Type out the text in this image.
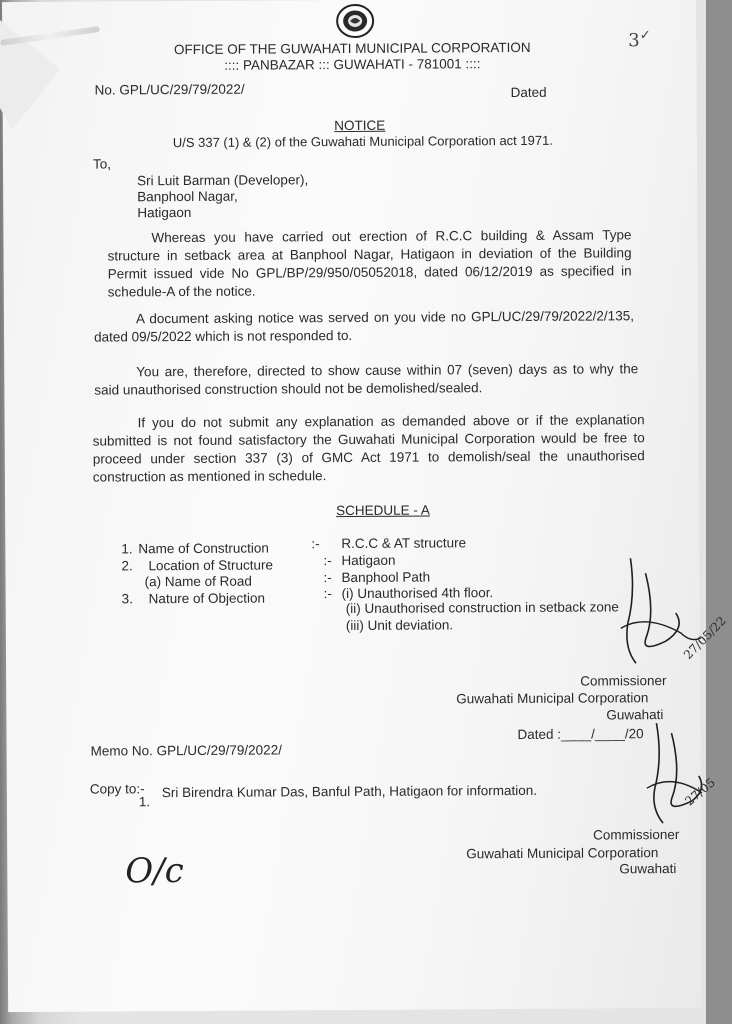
3✓
OFFICE OF THE GUWAHATI MUNICIPAL CORPORATION
:::: PANBAZAR ::: GUWAHATI - 781001 ::::
No. GPL/UC/29/79/2022/	Dated
NOTICE
U/S 337 (1) & (2) of the Guwahati Municipal Corporation act 1971.
To,
Sri Luit Barman (Developer),
Banphool Nagar,
Hatigaon
Whereas you have carried out erection of R.C.C building & Assam Type structure in setback area at Banphool Nagar, Hatigaon in deviation of the Building Permit issued vide No GPL/BP/29/950/05052018, dated 06/12/2019 as specified in schedule-A of the notice.
A document asking notice was served on you vide no GPL/UC/29/79/2022/2/135, dated 09/5/2022 which is not responded to.
You are, therefore, directed to show cause within 07 (seven) days as to why the said unauthorised construction should not be demolished/sealed.
If you do not submit any explanation as demanded above or if the explanation submitted is not found satisfactory the Guwahati Municipal Corporation would be free to proceed under section 337 (3) of GMC Act 1971 to demolish/seal the unauthorised construction as mentioned in schedule.
SCHEDULE - A
1. Name of Construction	:- R.C.C & AT structure
2. Location of Structure	:- Hatigaon
(a) Name of Road	:- Banphool Path
3. Nature of Objection	:- (i) Unauthorised 4th floor.
(ii) Unauthorised construction in setback zone
(iii) Unit deviation.	27/05/22
Commissioner
Guwahati Municipal Corporation
Guwahati
Memo No. GPL/UC/29/79/2022/
Dated :____/____/20
Copy to:-
1.
Sri Birendra Kumar Das, Banful Path, Hatigaon for information.	27/05
Commissioner
Guwahati Municipal Corporation
Guwahati
O/c
